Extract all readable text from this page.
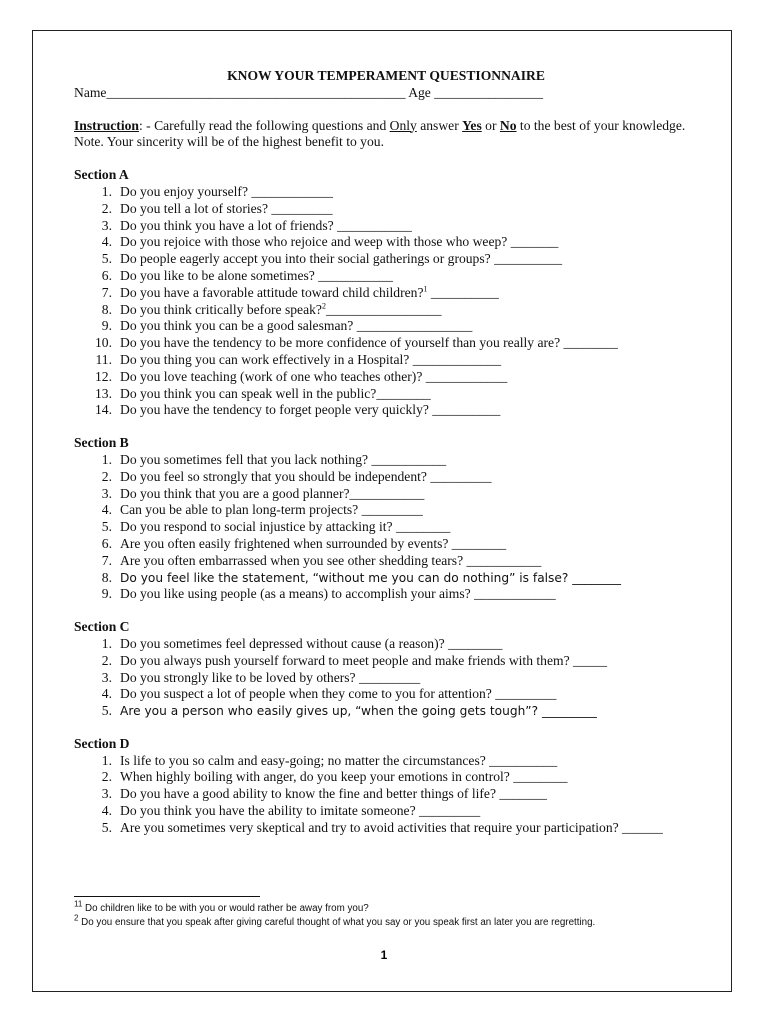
KNOW YOUR TEMPERAMENT QUESTIONNAIRE
Name____________________________________________ Age ________________
Instruction: - Carefully read the following questions and Only answer Yes or No to the best of your knowledge. Note. Your sincerity will be of the highest benefit to you.
Section A
1. Do you enjoy yourself? ____________
2. Do you tell a lot of stories? _________
3. Do you think you have a lot of friends? ___________
4. Do you rejoice with those who rejoice and weep with those who weep? _______
5. Do people eagerly accept you into their social gatherings or groups? __________
6. Do you like to be alone sometimes? ___________
7. Do you have a favorable attitude toward child children?$^1$ __________
8. Do you think critically before speak?$^2$_________________
9. Do you think you can be a good salesman? _________________
10. Do you have the tendency to be more confidence of yourself than you really are? ________
11. Do you thing you can work effectively in a Hospital? _____________
12. Do you love teaching (work of one who teaches other)? ____________
13. Do you think you can speak well in the public?________
14. Do you have the tendency to forget people very quickly? __________
Section B
1. Do you sometimes fell that you lack nothing? ___________
2. Do you feel so strongly that you should be independent? _________
3. Do you think that you are a good planner?___________
4. Can you be able to plan long-term projects? _________
5. Do you respond to social injustice by attacking it? ________
6. Are you often easily frightened when surrounded by events? ________
7. Are you often embarrassed when you see other shedding tears? ___________
8. Do you feel like the statement, “without me you can do nothing” is false? ________
9. Do you like using people (as a means) to accomplish your aims? ____________
Section C
1. Do you sometimes feel depressed without cause (a reason)? ________
2. Do you always push yourself forward to meet people and make friends with them? _____
3. Do you strongly like to be loved by others? _________
4. Do you suspect a lot of people when they come to you for attention? _________
5. Are you a person who easily gives up, “when the going gets tough”? _________
Section D
1. Is life to you so calm and easy-going; no matter the circumstances? __________
2. When highly boiling with anger, do you keep your emotions in control? ________
3. Do you have a good ability to know the fine and better things of life? _______
4. Do you think you have the ability to imitate someone? _________
5. Are you sometimes very skeptical and try to avoid activities that require your participation? ______
$^{11}$ Do children like to be with you or would rather be away from you?
$^2$ Do you ensure that you speak after giving careful thought of what you say or you speak first an later you are regretting.
1
